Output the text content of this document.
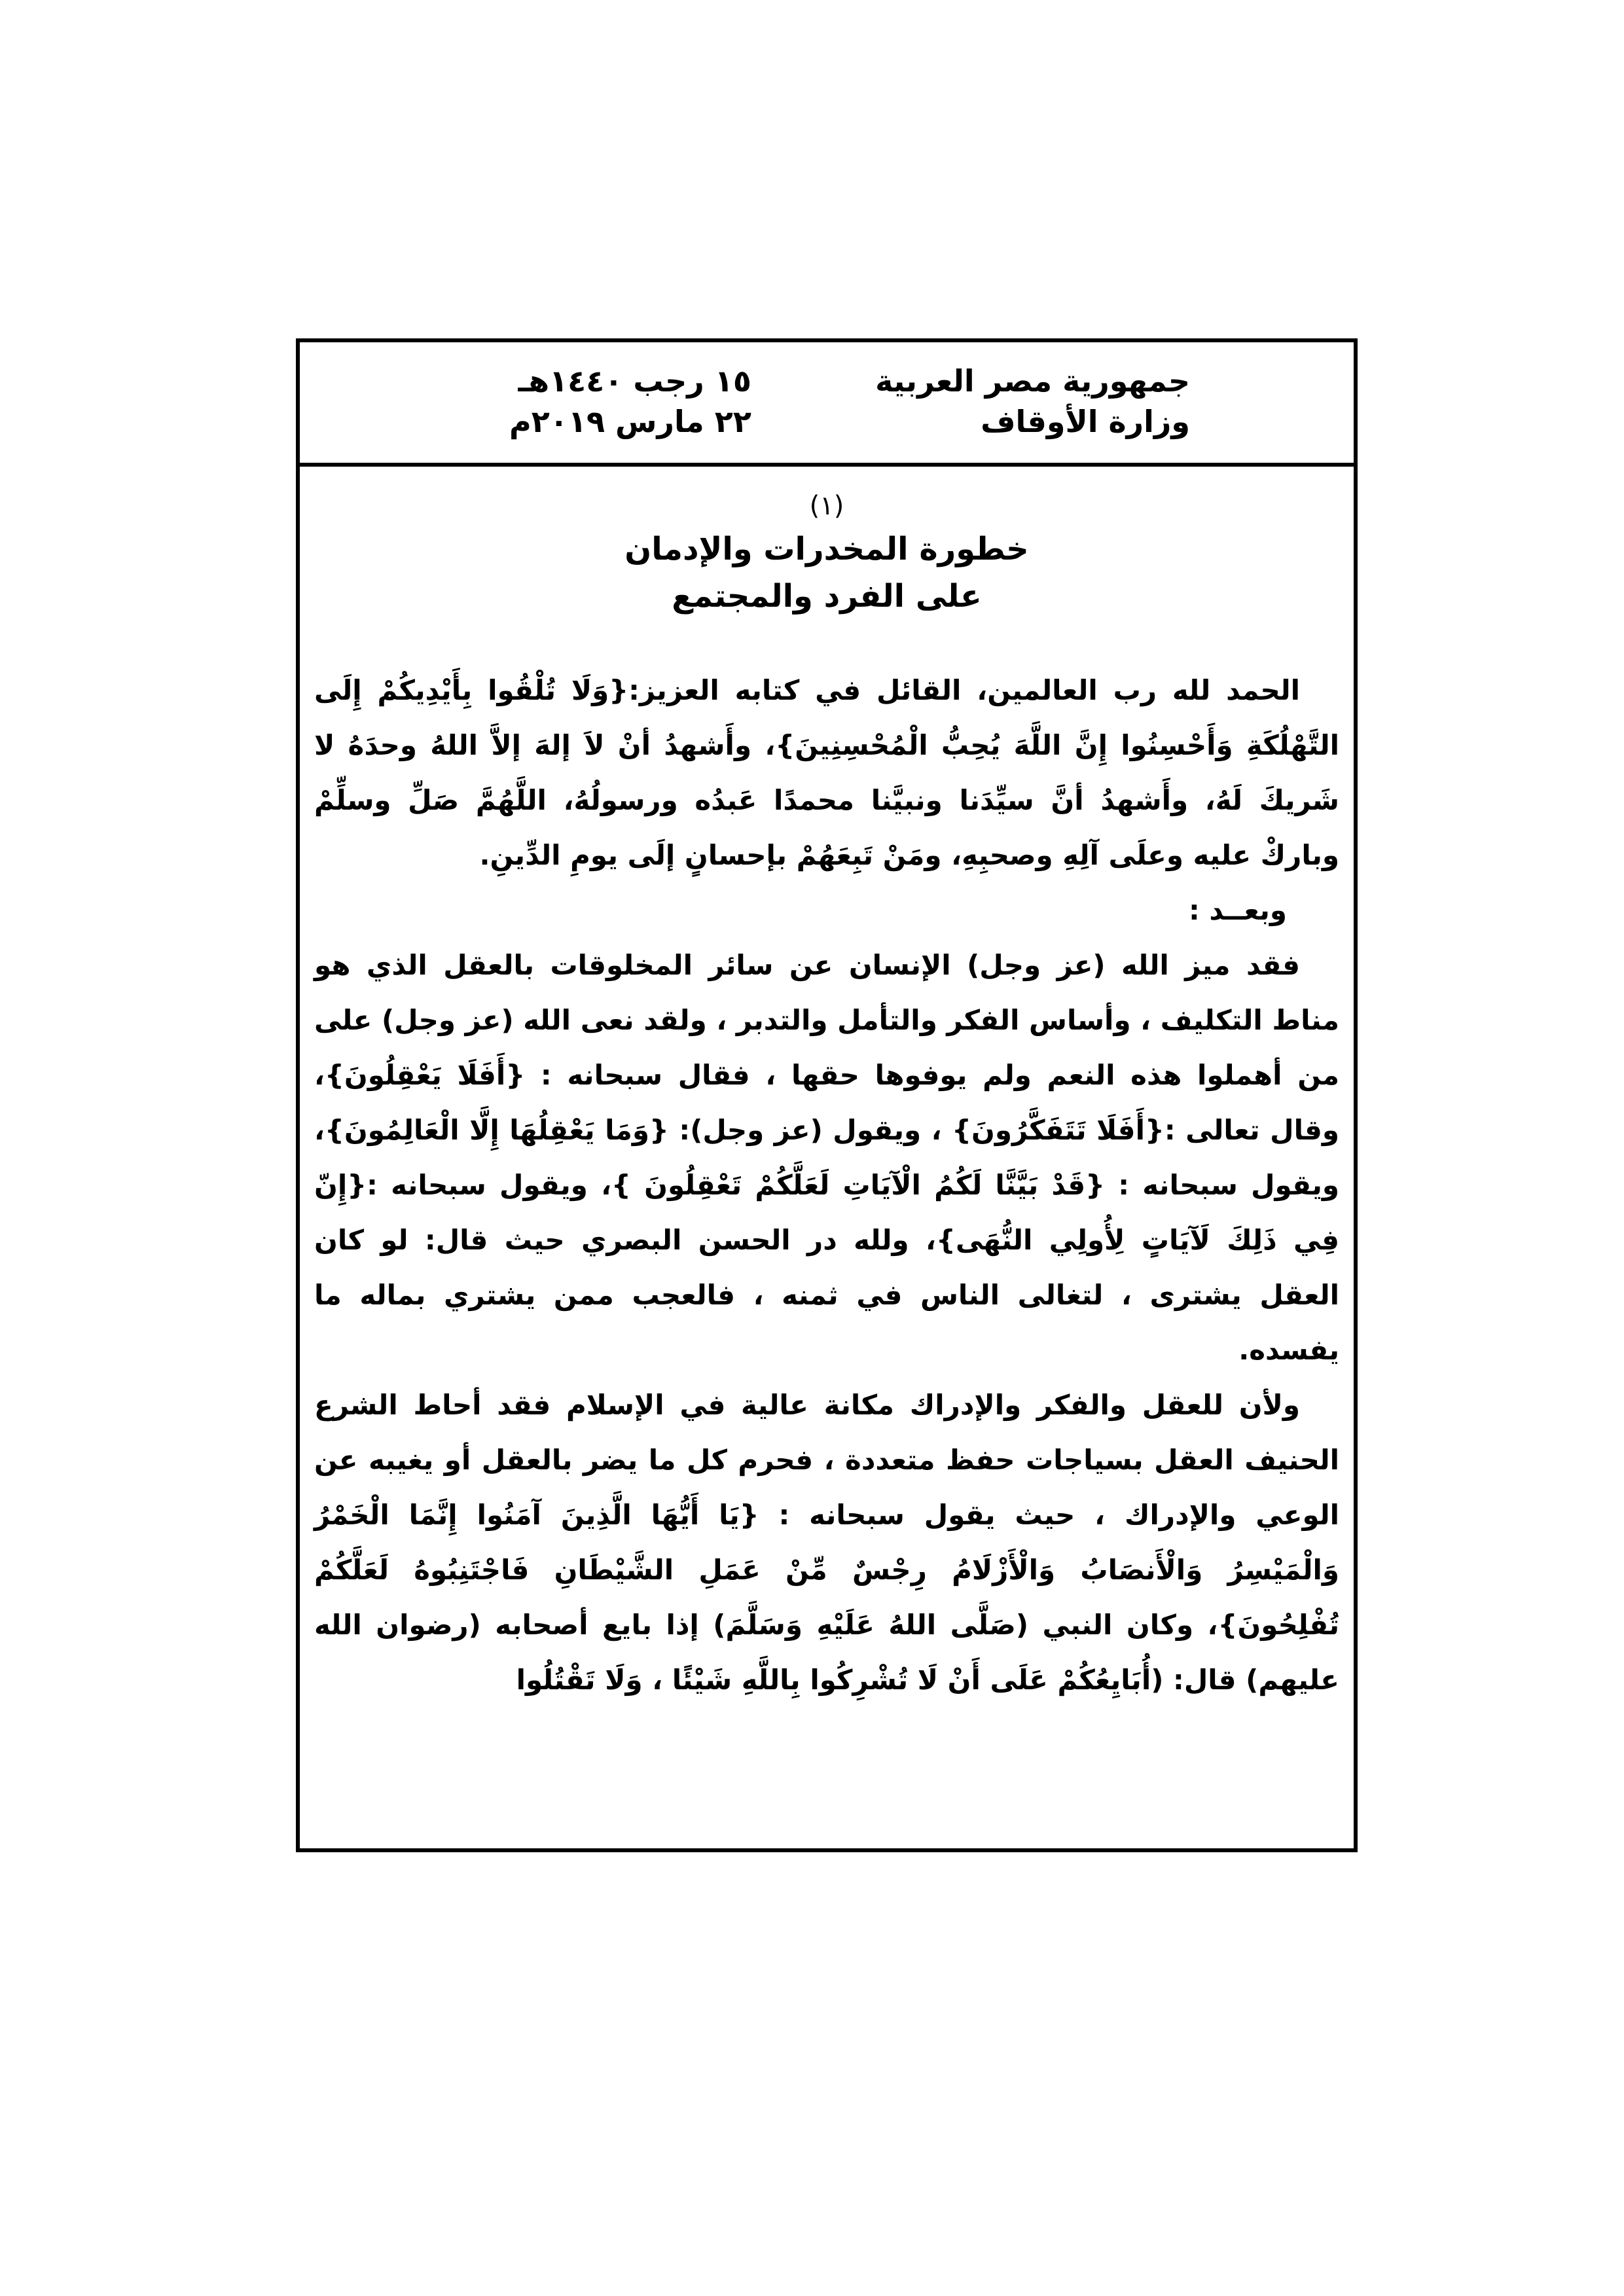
جمهورية مصر العربية
وزارة الأوقاف
١٥ رجب ١٤٤٠هـ
٢٢ مارس ٢٠١٩م
(١)
خطورة المخدرات والإدمان
على الفرد والمجتمع

الحمد لله رب العالمين، القائل في كتابه العزيز:{وَلَا تُلْقُوا بِأَيْدِيكُمْ إِلَى التَّهْلُكَةِ وَأَحْسِنُوا إِنَّ اللَّهَ يُحِبُّ الْمُحْسِنِينَ}، وأَشهدُ أنْ لاَ إلهَ إلاَّ اللهُ وحدَهُ لا شَريكَ لَهُ، وأَشهدُ أنَّ سيِّدَنا ونبيَّنا محمدًا عَبدُه ورسولُهُ، اللَّهُمَّ صَلِّ وسلِّمْ وباركْ عليه وعلَى آلِهِ وصحبِهِ، ومَنْ تَبِعَهُمْ بإحسانٍ إلَى يومِ الدِّينِ.

وبعــد :

فقد ميز الله (عز وجل) الإنسان عن سائر المخلوقات بالعقل الذي هو مناط التكليف ، وأساس الفكر والتأمل والتدبر ، ولقد نعى الله (عز وجل) على من أهملوا هذه النعم ولم يوفوها حقها ، فقال سبحانه : {أَفَلَا يَعْقِلُونَ}، وقال تعالى :{أَفَلَا تَتَفَكَّرُونَ} ، ويقول (عز وجل): {وَمَا يَعْقِلُهَا إِلَّا الْعَالِمُونَ}، ويقول سبحانه : {قَدْ بَيَّنَّا لَكُمُ الْآيَاتِ لَعَلَّكُمْ تَعْقِلُونَ }، ويقول سبحانه :{إِنّ فِي ذَلِكَ لَآيَاتٍ لِأُولِي النُّهَى}، ولله در الحسن البصري حيث قال: لو كان العقل يشترى ، لتغالى الناس في ثمنه ، فالعجب ممن يشتري بماله ما يفسده.

ولأن للعقل والفكر والإدراك مكانة عالية في الإسلام فقد أحاط الشرع الحنيف العقل بسياجات حفظ متعددة ، فحرم كل ما يضر بالعقل أو يغيبه عن الوعي والإدراك ، حيث يقول سبحانه : {يَا أَيُّهَا الَّذِينَ آمَنُوا إِنَّمَا الْخَمْرُ وَالْمَيْسِرُ وَالْأَنصَابُ وَالْأَزْلَامُ رِجْسٌ مِّنْ عَمَلِ الشَّيْطَانِ فَاجْتَنِبُوهُ لَعَلَّكُمْ تُفْلِحُونَ}، وكان النبي (صَلَّى اللهُ عَلَيْهِ وَسَلَّمَ) إذا بايع أصحابه (رضوان الله عليهم) قال: (أُبَايِعُكُمْ عَلَى أَنْ لَا تُشْرِكُوا بِاللَّهِ شَيْئًا ، وَلَا تَقْتُلُوا
